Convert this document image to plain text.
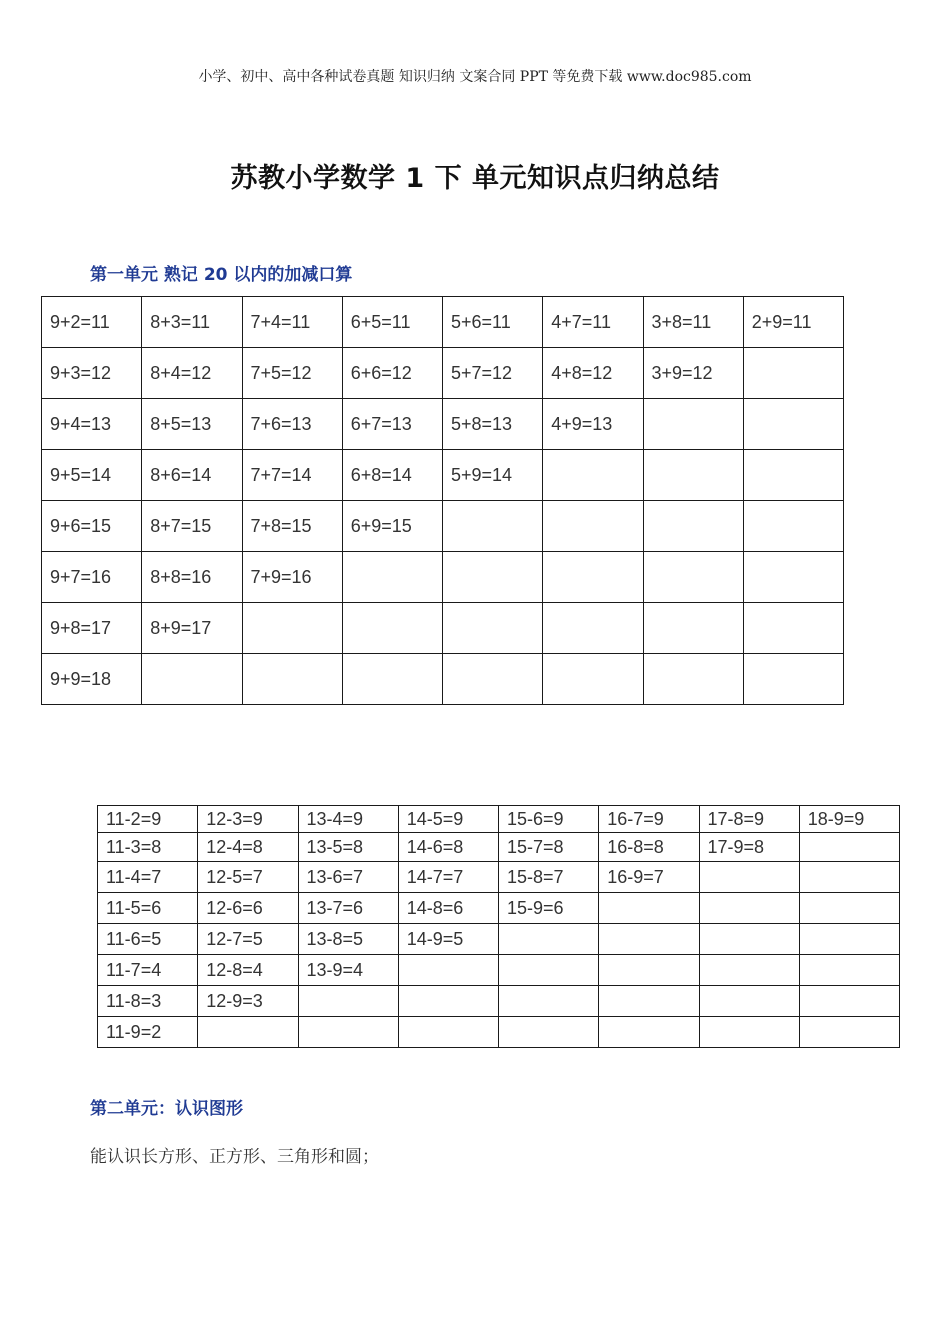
小学、初中、高中各种试卷真题 知识归纳 文案合同 PPT 等免费下载 www.doc985.com
苏教小学数学 1 下 单元知识点归纳总结
第一单元 熟记 20 以内的加减口算
9+2=11	8+3=11	7+4=11	6+5=11	5+6=11	4+7=11	3+8=11	2+9=11
9+3=12	8+4=12	7+5=12	6+6=12	5+7=12	4+8=12	3+9=12	
9+4=13	8+5=13	7+6=13	6+7=13	5+8=13	4+9=13		
9+5=14	8+6=14	7+7=14	6+8=14	5+9=14			
9+6=15	8+7=15	7+8=15	6+9=15				
9+7=16	8+8=16	7+9=16					
9+8=17	8+9=17						
9+9=18							
11-2=9	12-3=9	13-4=9	14-5=9	15-6=9	16-7=9	17-8=9	18-9=9
11-3=8	12-4=8	13-5=8	14-6=8	15-7=8	16-8=8	17-9=8	
11-4=7	12-5=7	13-6=7	14-7=7	15-8=7	16-9=7		
11-5=6	12-6=6	13-7=6	14-8=6	15-9=6			
11-6=5	12-7=5	13-8=5	14-9=5				
11-7=4	12-8=4	13-9=4					
11-8=3	12-9=3						
11-9=2							
第二单元：认识图形
能认识长方形、正方形、三角形和圆；
